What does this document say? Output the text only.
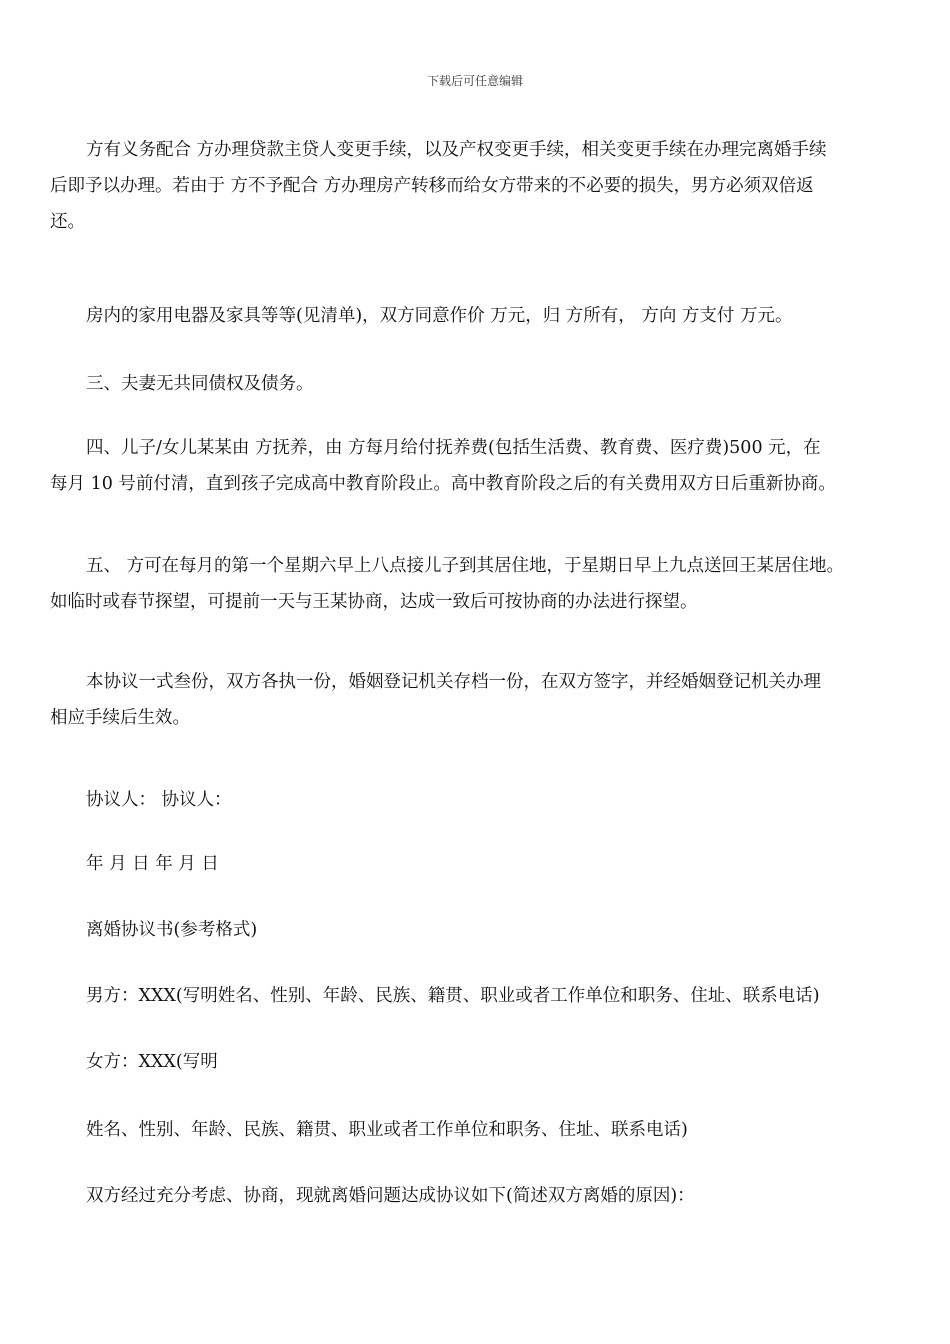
下载后可任意编辑
方有义务配合 方办理贷款主贷人变更手续，以及产权变更手续，相关变更手续在办理完离婚手续
后即予以办理。若由于 方不予配合 方办理房产转移而给女方带来的不必要的损失，男方必须双倍返
还。
房内的家用电器及家具等等(见清单)，双方同意作价 万元，归 方所有， 方向 方支付 万元。
三、夫妻无共同债权及债务。
四、儿子/女儿某某由 方抚养，由 方每月给付抚养费(包括生活费、教育费、医疗费)500 元，在
每月 10 号前付清，直到孩子完成高中教育阶段止。高中教育阶段之后的有关费用双方日后重新协商。
五、 方可在每月的第一个星期六早上八点接儿子到其居住地，于星期日早上九点送回王某居住地。
如临时或春节探望，可提前一天与王某协商，达成一致后可按协商的办法进行探望。
本协议一式叁份，双方各执一份，婚姻登记机关存档一份，在双方签字，并经婚姻登记机关办理
相应手续后生效。
协议人： 协议人：
年 月 日 年 月 日
离婚协议书(参考格式)
男方：XXX(写明姓名、性别、年龄、民族、籍贯、职业或者工作单位和职务、住址、联系电话)
女方：XXX(写明
姓名、性别、年龄、民族、籍贯、职业或者工作单位和职务、住址、联系电话)
双方经过充分考虑、协商，现就离婚问题达成协议如下(简述双方离婚的原因)：
